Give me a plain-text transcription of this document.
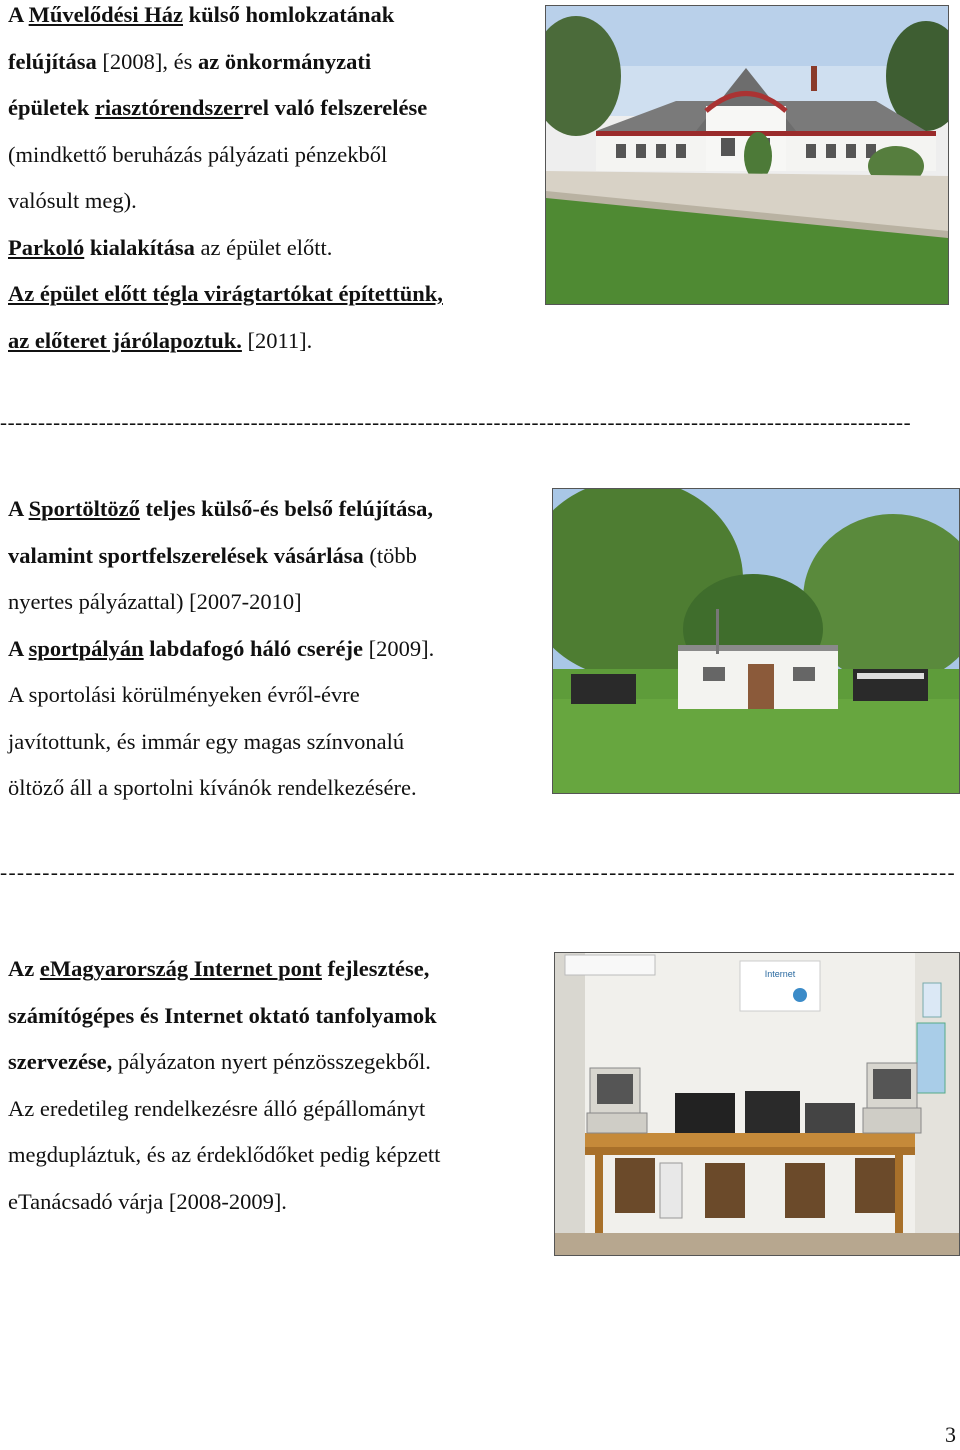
A Művelődési Ház külső homlokzatának

felújítása [2008], és az önkormányzati

épületek riasztórendszerrel való felszerelése

(mindkettő beruházás pályázati pénzekből

valósult meg).

Parkoló kialakítása az épület előtt.

Az épület előtt tégla virágtartókat építettünk,

az előteret járólapoztuk. [2011].

------------------------------------------------------------------------------------------------------------------------

A Sportöltöző teljes külső-és belső felújítása,

valamint sportfelszerelések vásárlása (több

nyertes pályázattal) [2007-2010]

A sportpályán labdafogó háló cseréje [2009].

A sportolási körülményeken évről-évre

javítottunk, és immár egy magas színvonalú

öltöző áll a sportolni kívánók rendelkezésére.

-----------------------------------------------------------------------------------------------------------------

Az eMagyarország Internet pont fejlesztése,

számítógépes és Internet oktató tanfolyamok

szervezése, pályázaton nyert pénzösszegekből.

Az eredetileg rendelkezésre álló gépállományt

megdupláztuk, és az érdeklődőket pedig képzett

eTanácsadó várja [2008-2009].

Internet
3
